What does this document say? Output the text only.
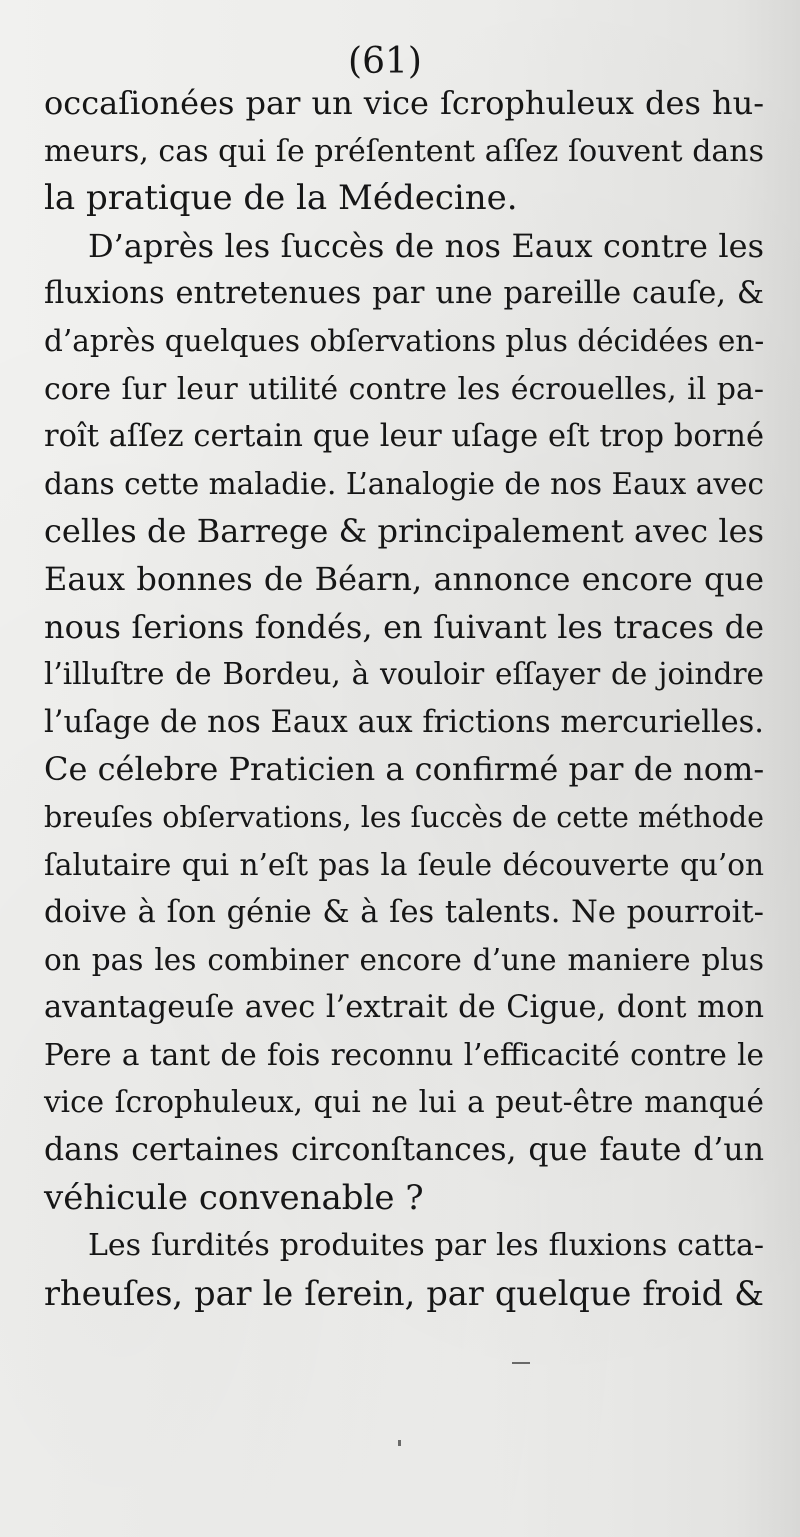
(61)
occaſionées par un vice ſcrophuleux des hu-
meurs, cas qui ſe préſentent aſſez ſouvent dans
la pratique de la Médecine.
D’après les ſuccès de nos Eaux contre les
fluxions entretenues par une pareille cauſe, &
d’après quelques obſervations plus décidées en-
core ſur leur utilité contre les écrouelles, il pa-
roît aſſez certain que leur uſage eſt trop borné
dans cette maladie. L’analogie de nos Eaux avec
celles de Barrege & principalement avec les
Eaux bonnes de Béarn, annonce encore que
nous ſerions fondés, en ſuivant les traces de
l’illuſtre de Bordeu, à vouloir eſſayer de joindre
l’uſage de nos Eaux aux frictions mercurielles.
Ce célebre Praticien a confirmé par de nom-
breuſes obſervations, les ſuccès de cette méthode
ſalutaire qui n’eſt pas la ſeule découverte qu’on
doive à ſon génie & à ſes talents. Ne pourroit-
on pas les combiner encore d’une maniere plus
avantageuſe avec l’extrait de Cigue, dont mon
Pere a tant de fois reconnu l’efficacité contre le
vice ſcrophuleux, qui ne lui a peut-être manqué
dans certaines circonſtances, que faute d’un
véhicule convenable ?
Les ſurdités produites par les fluxions catta-
rheuſes, par le ſerein, par quelque froid &
